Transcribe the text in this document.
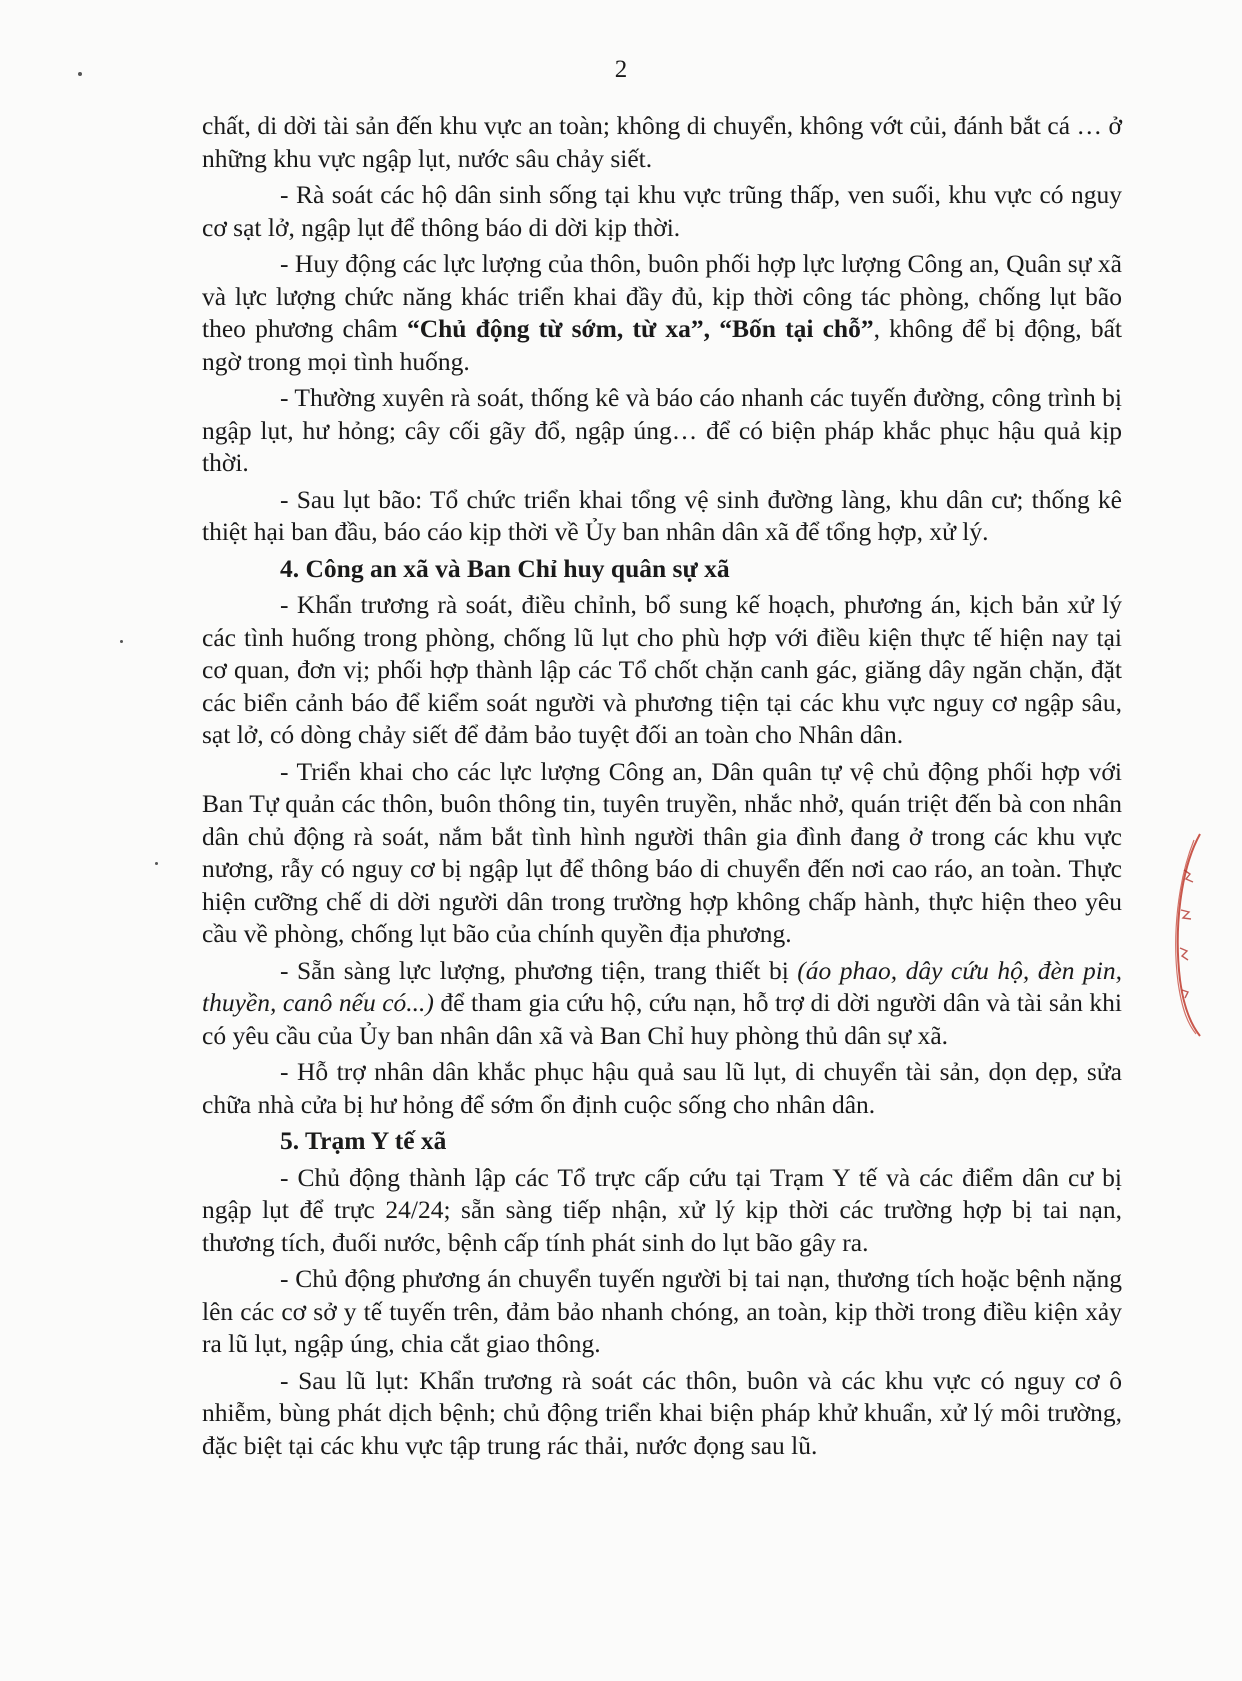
2

chất, di dời tài sản đến khu vực an toàn; không di chuyển, không vớt củi, đánh bắt cá … ở những khu vực ngập lụt, nước sâu chảy siết.

- Rà soát các hộ dân sinh sống tại khu vực trũng thấp, ven suối, khu vực có nguy cơ sạt lở, ngập lụt để thông báo di dời kịp thời.

- Huy động các lực lượng của thôn, buôn phối hợp lực lượng Công an, Quân sự xã và lực lượng chức năng khác triển khai đầy đủ, kịp thời công tác phòng, chống lụt bão theo phương châm “Chủ động từ sớm, từ xa”, “Bốn tại chỗ”, không để bị động, bất ngờ trong mọi tình huống.

- Thường xuyên rà soát, thống kê và báo cáo nhanh các tuyến đường, công trình bị ngập lụt, hư hỏng; cây cối gãy đổ, ngập úng… để có biện pháp khắc phục hậu quả kịp thời.

- Sau lụt bão: Tổ chức triển khai tổng vệ sinh đường làng, khu dân cư; thống kê thiệt hại ban đầu, báo cáo kịp thời về Ủy ban nhân dân xã để tổng hợp, xử lý.

4. Công an xã và Ban Chỉ huy quân sự xã

- Khẩn trương rà soát, điều chỉnh, bổ sung kế hoạch, phương án, kịch bản xử lý các tình huống trong phòng, chống lũ lụt cho phù hợp với điều kiện thực tế hiện nay tại cơ quan, đơn vị; phối hợp thành lập các Tổ chốt chặn canh gác, giăng dây ngăn chặn, đặt các biển cảnh báo để kiểm soát người và phương tiện tại các khu vực nguy cơ ngập sâu, sạt lở, có dòng chảy siết để đảm bảo tuyệt đối an toàn cho Nhân dân.

- Triển khai cho các lực lượng Công an, Dân quân tự vệ chủ động phối hợp với Ban Tự quản các thôn, buôn thông tin, tuyên truyền, nhắc nhở, quán triệt đến bà con nhân dân chủ động rà soát, nắm bắt tình hình người thân gia đình đang ở trong các khu vực nương, rẫy có nguy cơ bị ngập lụt để thông báo di chuyển đến nơi cao ráo, an toàn. Thực hiện cưỡng chế di dời người dân trong trường hợp không chấp hành, thực hiện theo yêu cầu về phòng, chống lụt bão của chính quyền địa phương.

- Sẵn sàng lực lượng, phương tiện, trang thiết bị (áo phao, dây cứu hộ, đèn pin, thuyền, canô nếu có...) để tham gia cứu hộ, cứu nạn, hỗ trợ di dời người dân và tài sản khi có yêu cầu của Ủy ban nhân dân xã và Ban Chỉ huy phòng thủ dân sự xã.

- Hỗ trợ nhân dân khắc phục hậu quả sau lũ lụt, di chuyển tài sản, dọn dẹp, sửa chữa nhà cửa bị hư hỏng để sớm ổn định cuộc sống cho nhân dân.

5. Trạm Y tế xã

- Chủ động thành lập các Tổ trực cấp cứu tại Trạm Y tế và các điểm dân cư bị ngập lụt để trực 24/24; sẵn sàng tiếp nhận, xử lý kịp thời các trường hợp bị tai nạn, thương tích, đuối nước, bệnh cấp tính phát sinh do lụt bão gây ra.

- Chủ động phương án chuyển tuyến người bị tai nạn, thương tích hoặc bệnh nặng lên các cơ sở y tế tuyến trên, đảm bảo nhanh chóng, an toàn, kịp thời trong điều kiện xảy ra lũ lụt, ngập úng, chia cắt giao thông.

- Sau lũ lụt: Khẩn trương rà soát các thôn, buôn và các khu vực có nguy cơ ô nhiễm, bùng phát dịch bệnh; chủ động triển khai biện pháp khử khuẩn, xử lý môi trường, đặc biệt tại các khu vực tập trung rác thải, nước đọng sau lũ.
